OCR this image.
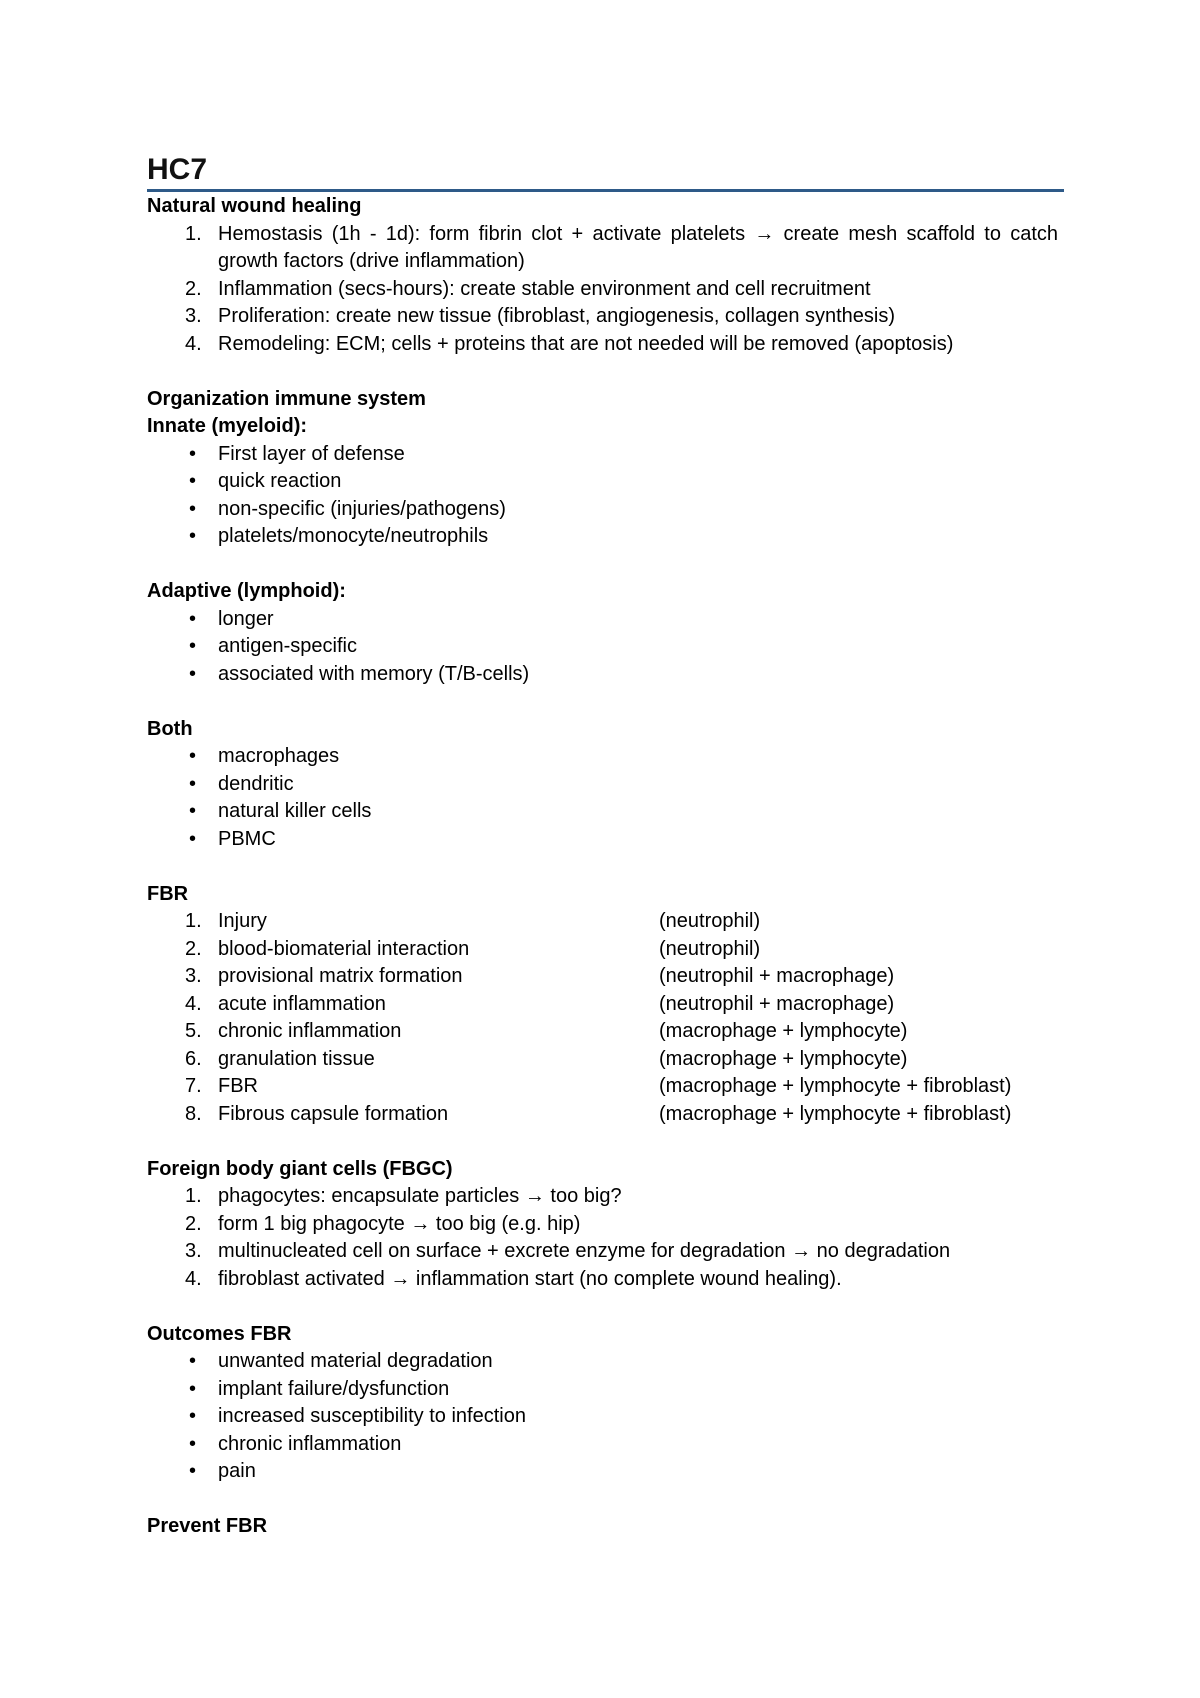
HC7
Natural wound healing
1. Hemostasis (1h - 1d): form fibrin clot + activate platelets → create mesh scaffold to catch growth factors (drive inflammation)
2. Inflammation (secs-hours): create stable environment and cell recruitment
3. Proliferation: create new tissue (fibroblast, angiogenesis, collagen synthesis)
4. Remodeling: ECM; cells + proteins that are not needed will be removed (apoptosis)
Organization immune system
Innate (myeloid):
• First layer of defense
• quick reaction
• non-specific (injuries/pathogens)
• platelets/monocyte/neutrophils
Adaptive (lymphoid):
• longer
• antigen-specific
• associated with memory (T/B-cells)
Both
• macrophages
• dendritic
• natural killer cells
• PBMC
FBR
1. Injury	(neutrophil)
2. blood-biomaterial interaction	(neutrophil)
3. provisional matrix formation	(neutrophil + macrophage)
4. acute inflammation	(neutrophil + macrophage)
5. chronic inflammation	(macrophage + lymphocyte)
6. granulation tissue	(macrophage + lymphocyte)
7. FBR	(macrophage + lymphocyte + fibroblast)
8. Fibrous capsule formation	(macrophage + lymphocyte + fibroblast)
Foreign body giant cells (FBGC)
1. phagocytes: encapsulate particles → too big?
2. form 1 big phagocyte → too big (e.g. hip)
3. multinucleated cell on surface + excrete enzyme for degradation → no degradation
4. fibroblast activated → inflammation start (no complete wound healing).
Outcomes FBR
• unwanted material degradation
• implant failure/dysfunction
• increased susceptibility to infection
• chronic inflammation
• pain
Prevent FBR
